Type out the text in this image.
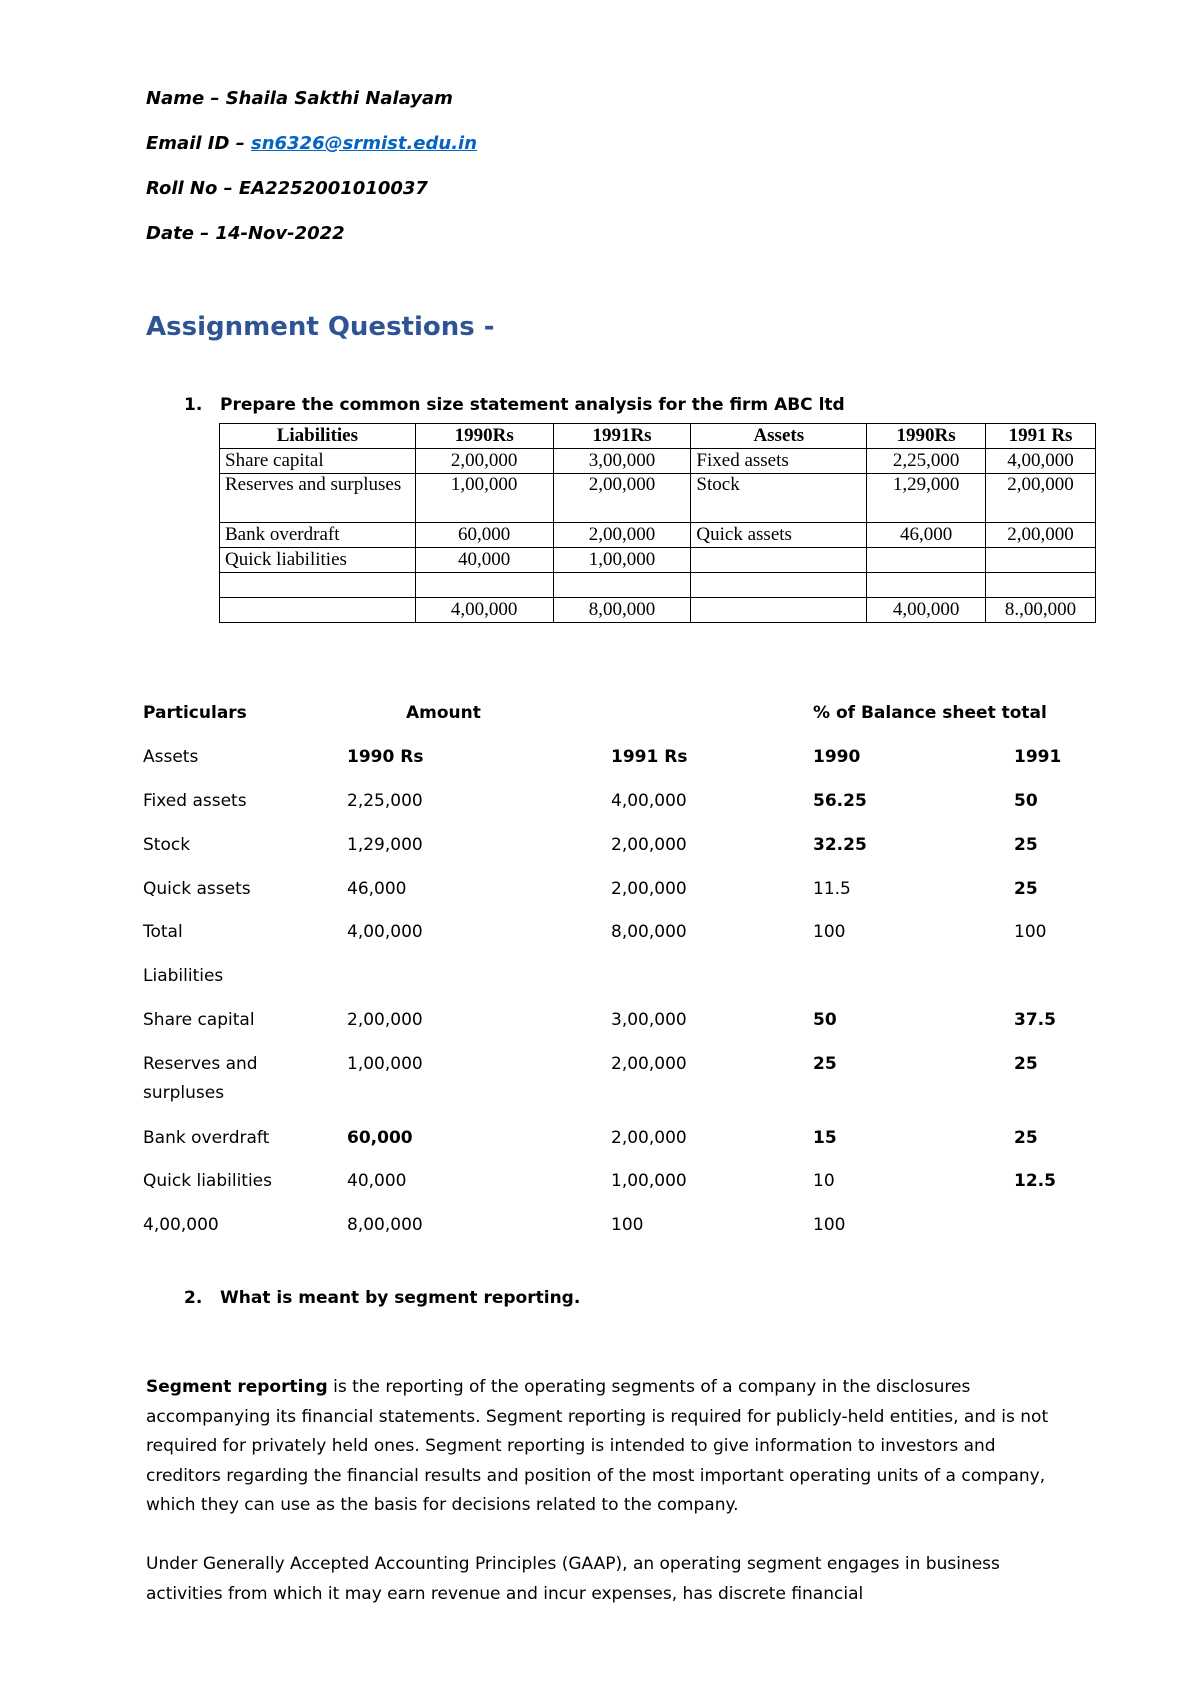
Name – Shaila Sakthi Nalayam
Email ID – sn6326@srmist.edu.in
Roll No – EA2252001010037
Date – 14-Nov-2022
Assignment Questions -
1. Prepare the common size statement analysis for the firm ABC ltd
Liabilities	1990Rs	1991Rs	Assets	1990Rs	1991 Rs
Share capital	2,00,000	3,00,000	Fixed assets	2,25,000	4,00,000
Reserves and surpluses	1,00,000	2,00,000	Stock	1,29,000	2,00,000
Bank overdraft	60,000	2,00,000	Quick assets	46,000	2,00,000
Quick liabilities	40,000	1,00,000			

	4,00,000	8,00,000		4,00,000	8.,00,000
Particulars	Amount	% of Balance sheet total
Assets	1990 Rs	1991 Rs	1990	1991
Fixed assets	2,25,000	4,00,000	56.25	50
Stock	1,29,000	2,00,000	32.25	25
Quick assets	46,000	2,00,000	11.5	25
Total	4,00,000	8,00,000	100	100
Liabilities
Share capital	2,00,000	3,00,000	50	37.5
Reserves and	1,00,000	2,00,000	25	25
surpluses
Bank overdraft	60,000	2,00,000	15	25
Quick liabilities	40,000	1,00,000	10	12.5
4,00,000	8,00,000	100	100
2. What is meant by segment reporting.
Segment reporting is the reporting of the operating segments of a company in the disclosures accompanying its financial statements. Segment reporting is required for publicly-held entities, and is not required for privately held ones. Segment reporting is intended to give information to investors and creditors regarding the financial results and position of the most important operating units of a company, which they can use as the basis for decisions related to the company.
Under Generally Accepted Accounting Principles (GAAP), an operating segment engages in business activities from which it may earn revenue and incur expenses, has discrete financial
